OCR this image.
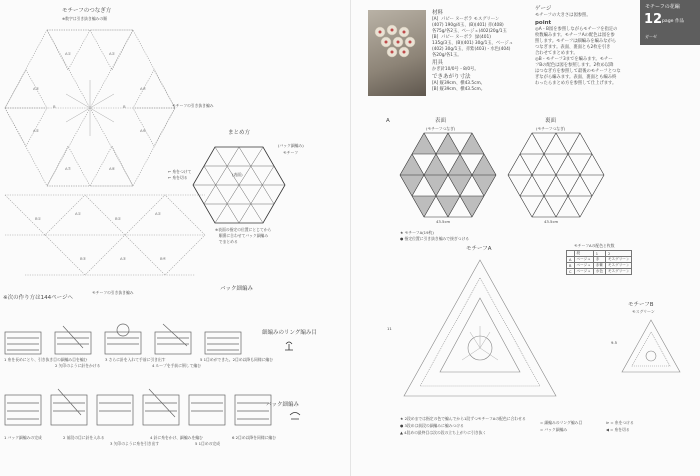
モチーフのつなぎ方
※数字は引き抜き編みの順
A①	A②
A③	A④
A⑤	A⑥
A⑦	A⑧
B	B	モチーフの引き抜き編み
まとめ方
(バック細編み)
モチーフ
(表面)
※表面の指定の位置にとじてから
　順番に合わせてバック細編み
　でまとめる
← 糸をつけて
← 糸を切る
B①
A①
B②
A②
B③	A③	B④
バック細編み
モチーフの引き抜き編み
※次の作り方は144ページへ
細編みのリング編み目
バック細編み
1 糸を長めにとり、引き抜き目の細編み目を編む
2 矢印のように針をかける
3 さらに針を入れて手前に引き出す
4 ループを手前に倒して編む
5 1目めができた。2目め以降も同様に編む
1 バック細編みの完成	2 前段の目に針を入れる
3 矢印のように糸を引き出す
4 針に糸をかけ、細編みを編む
5 1目めの完成
6 2目め以降を同様に編む
モチーフの花編
12 page 作品
ガーゼ
材料
[A]  パピー ヌーボラ モスグリーン
(407) 190g/4玉、(B)(401) 赤(408)
各75g/各2玉、ベージュ(402)20g/1玉
[B]  パピー ヌーボラ  緑(401)
135g/3玉、(B)(401) 30g/1玉、ベージュ
(402) 30g/1玉、赤紫(403)・水色(404)
各20g/各1玉。
用具
かぎ針10/0号・8/0号。
できあがり寸法
[A] 縦39cm、横43.5cm。
[B] 縦39cm、横43.5cm。
ゲージ
モチーフの大きさは図参照。
point
◎A・B図を参照しながらモチーフを指定の
枚数編みます。モチーフAの配色は図を参
照します。モチーフは細編みを編みながら
つなぎます。表面、裏面とも2枚を引き
合わせてまとめます。
◎B・モチーフ3までを編みます。モチー
フBの配色は図を参照します。2枚め以降
はつなぎ方を参照して最後のモチーフとつな
ぎながら編みます。表面、裏面とも編み終
わったらまとめ方を参照して仕上げます。
A	表面
(モチーフつなぎ)
裏面
(モチーフつなぎ)
43.5cm	43.5cm
★ モチーフA(19枚)
● 指定位置に引き抜き編みで接ぎつける
モチーフA
11
モチーフAの配色と枚数
	段	1	2
A	ベージュ	赤	モスグリーン
B	ベージュ	赤紫	モスグリーン
C	ベージュ	水色	モスグリーン
モチーフB
モスグリーン
9.5
★ 2段めまでは指定の色で編んでから1段ずつモチーフAの配色に合わせる
● 3段めは前段の細編みに編みつける
▲ 4段めの最終目は次の段の立ち上がりに引き抜く
= 細編みのリング編み目
= バック細編み
⊳ = 糸をつける
◀ = 糸を切る
